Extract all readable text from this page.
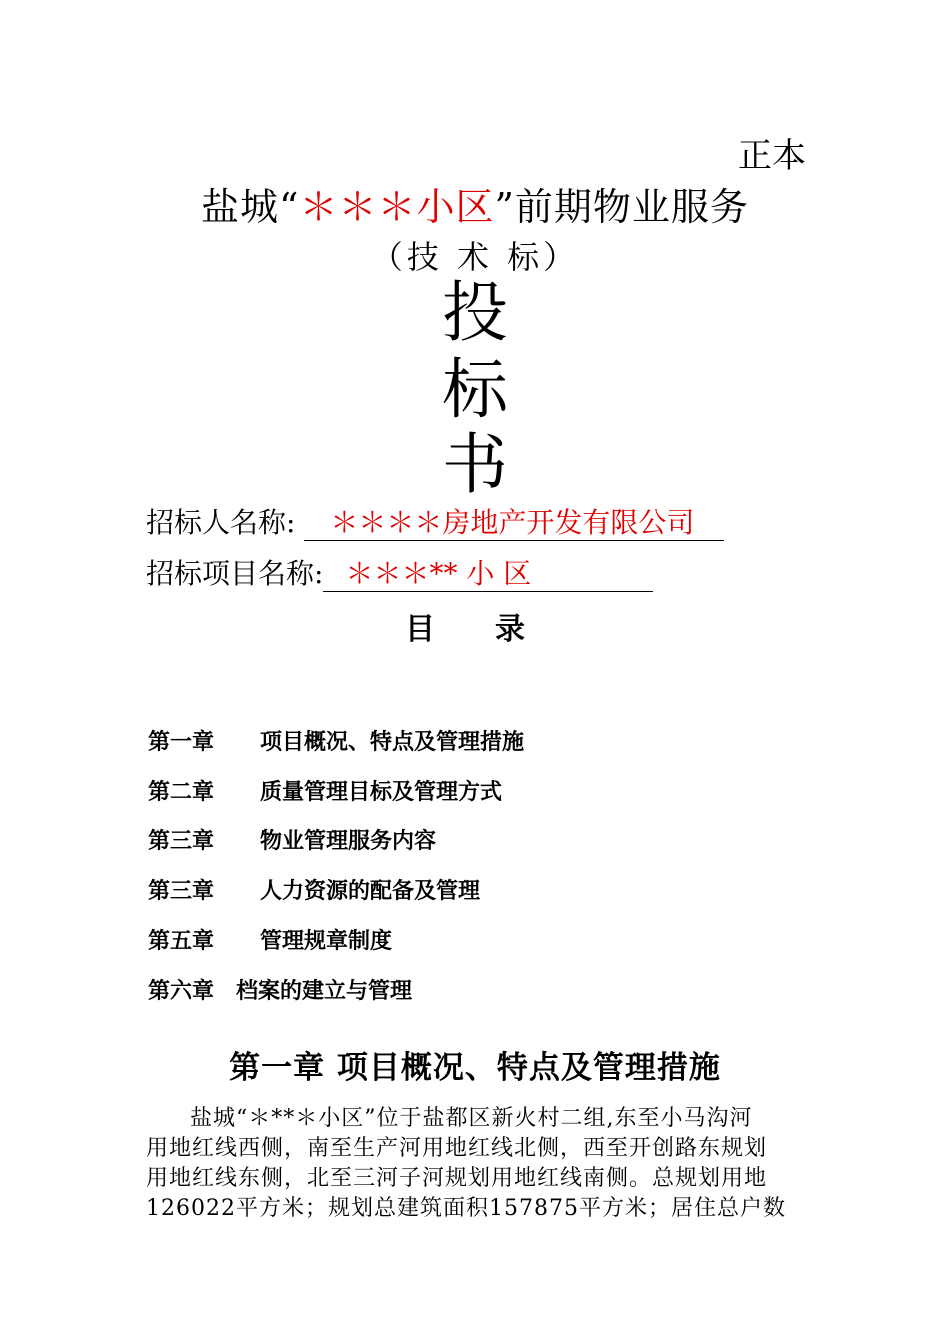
正本
盐城“＊＊＊小区”前期物业服务
（技 术 标）
投
标
书
招标人名称:  ＊＊＊＊房地产开发有限公司
招标项目名称: ＊＊＊** 小 区
目录
第一章 项目概况、特点及管理措施
第二章 质量管理目标及管理方式
第三章 物业管理服务内容
第三章 人力资源的配备及管理
第五章 管理规章制度
第六章 档案的建立与管理
第一章 项目概况、特点及管理措施

盐城“＊**＊小区”位于盐都区新火村二组,东至小马沟河

用地红线西侧，南至生产河用地红线北侧，西至开创路东规划

用地红线东侧，北至三河子河规划用地红线南侧。总规划用地

126022平方米；规划总建筑面积157875平方米；居住总户数
